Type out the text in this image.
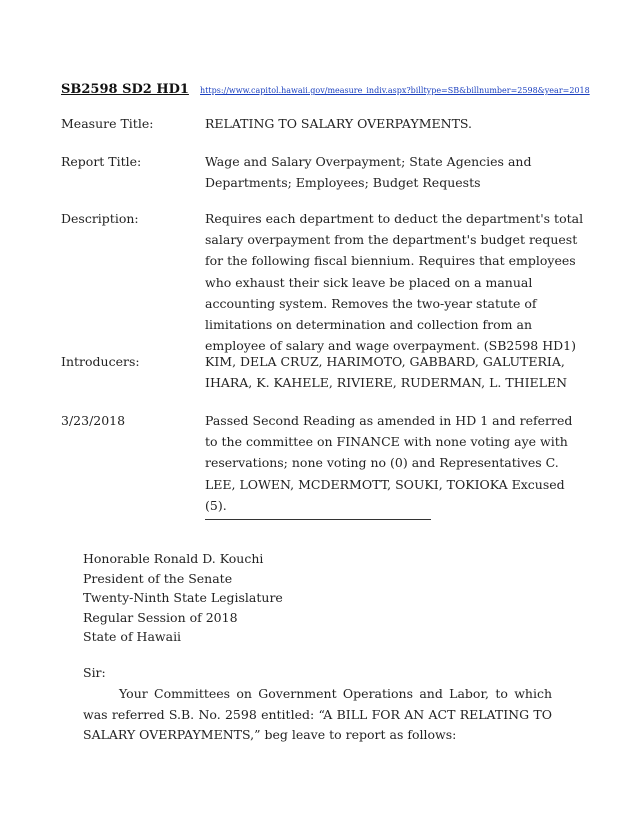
SB2598 SD2 HD1 https://www.capitol.hawaii.gov/measure_indiv.aspx?billtype=SB&billnumber=2598&year=2018
Measure Title:	RELATING TO SALARY OVERPAYMENTS.
Report Title:	Wage and Salary Overpayment; State Agencies and Departments; Employees; Budget Requests
Description:	Requires each department to deduct the department's total salary overpayment from the department's budget request for the following fiscal biennium. Requires that employees who exhaust their sick leave be placed on a manual accounting system. Removes the two-year statute of limitations on determination and collection from an employee of salary and wage overpayment. (SB2598 HD1)
Introducers:	KIM, DELA CRUZ, HARIMOTO, GABBARD, GALUTERIA, IHARA, K. KAHELE, RIVIERE, RUDERMAN, L. THIELEN
3/23/2018	Passed Second Reading as amended in HD 1 and referred to the committee on FINANCE with none voting aye with reservations; none voting no (0) and Representatives C. LEE, LOWEN, MCDERMOTT, SOUKI, TOKIOKA Excused (5).
Honorable Ronald D. Kouchi
President of the Senate
Twenty-Ninth State Legislature
Regular Session of 2018
State of Hawaii
Sir:
Your Committees on Government Operations and Labor, to which was referred S.B. No. 2598 entitled: “A BILL FOR AN ACT RELATING TO SALARY OVERPAYMENTS,” beg leave to report as follows:
